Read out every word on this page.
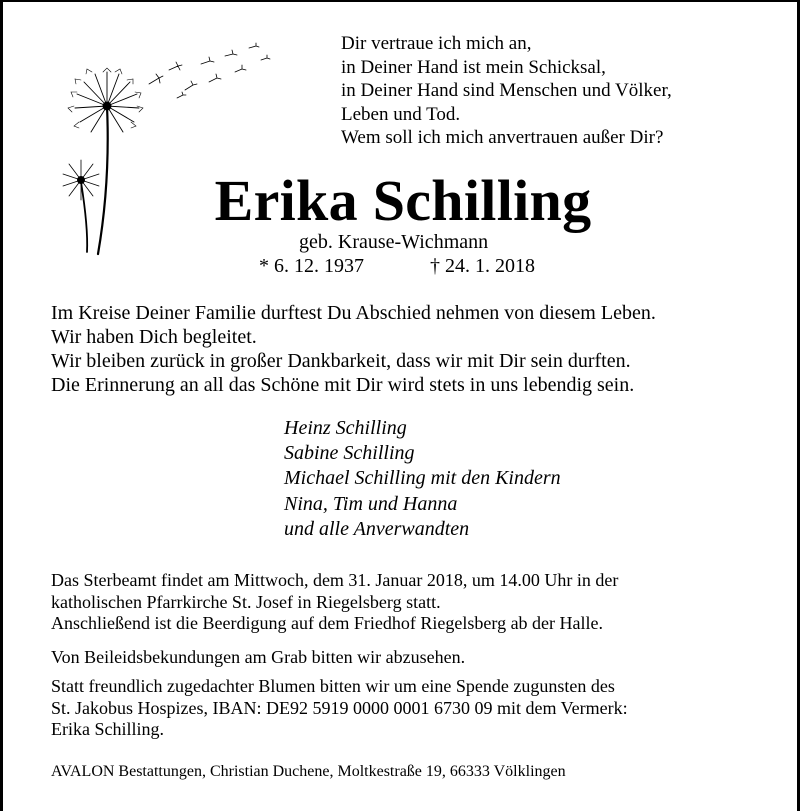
Dir vertraue ich mich an,
in Deiner Hand ist mein Schicksal,
in Deiner Hand sind Menschen und Völker,
Leben und Tod.
Wem soll ich mich anvertrauen außer Dir?
Erika Schilling
geb. Krause-Wichmann
* 6. 12. 1937	† 24. 1. 2018
Im Kreise Deiner Familie durftest Du Abschied nehmen von diesem Leben.
Wir haben Dich begleitet.
Wir bleiben zurück in großer Dankbarkeit, dass wir mit Dir sein durften.
Die Erinnerung an all das Schöne mit Dir wird stets in uns lebendig sein.
Heinz Schilling
Sabine Schilling
Michael Schilling mit den Kindern
Nina, Tim und Hanna
und alle Anverwandten
Das Sterbeamt findet am Mittwoch, dem 31. Januar 2018, um 14.00 Uhr in der
katholischen Pfarrkirche St. Josef in Riegelsberg statt.
Anschließend ist die Beerdigung auf dem Friedhof Riegelsberg ab der Halle.
Von Beileidsbekundungen am Grab bitten wir abzusehen.
Statt freundlich zugedachter Blumen bitten wir um eine Spende zugunsten des
St. Jakobus Hospizes, IBAN: DE92 5919 0000 0001 6730 09 mit dem Vermerk:
Erika Schilling.
AVALON Bestattungen, Christian Duchene, Moltkestraße 19, 66333 Völklingen
